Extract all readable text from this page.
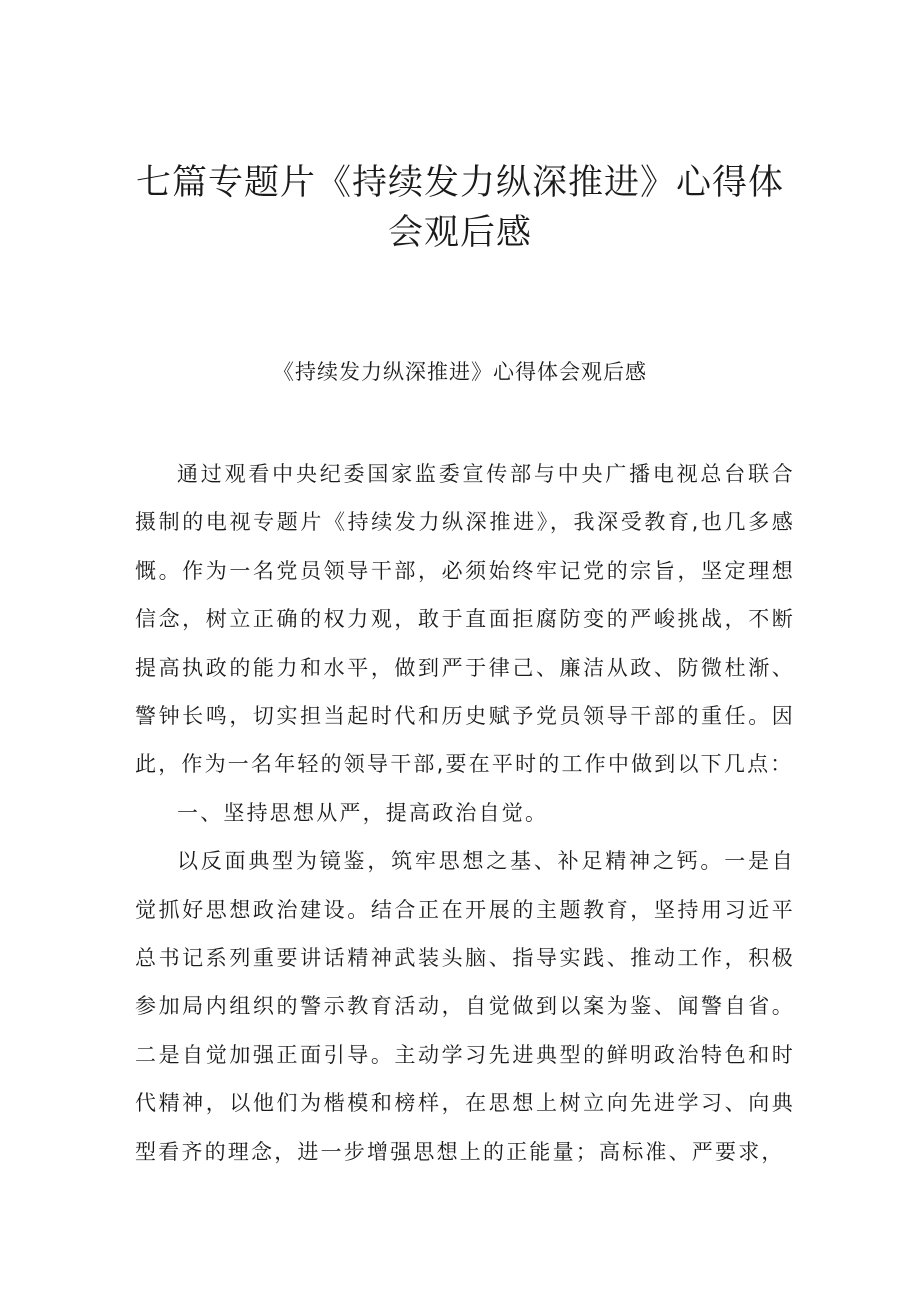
七篇专题片《持续发力纵深推进》心得体
会观后感
《持续发力纵深推进》心得体会观后感

通过观看中央纪委国家监委宣传部与中央广播电视总台联合摄制的电视专题片《持续发力纵深推进》，我深受教育,也几多感慨。作为一名党员领导干部，必须始终牢记党的宗旨，坚定理想信念，树立正确的权力观，敢于直面拒腐防变的严峻挑战，不断提高执政的能力和水平，做到严于律己、廉洁从政、防微杜渐、警钟长鸣，切实担当起时代和历史赋予党员领导干部的重任。因此，作为一名年轻的领导干部,要在平时的工作中做到以下几点：

一、坚持思想从严，提高政治自觉。

以反面典型为镜鉴，筑牢思想之基、补足精神之钙。一是自觉抓好思想政治建设。结合正在开展的主题教育，坚持用习近平总书记系列重要讲话精神武装头脑、指导实践、推动工作，积极参加局内组织的警示教育活动，自觉做到以案为鉴、闻警自省。二是自觉加强正面引导。主动学习先进典型的鲜明政治特色和时代精神，以他们为楷模和榜样，在思想上树立向先进学习、向典型看齐的理念，进一步增强思想上的正能量；高标准、严要求，
